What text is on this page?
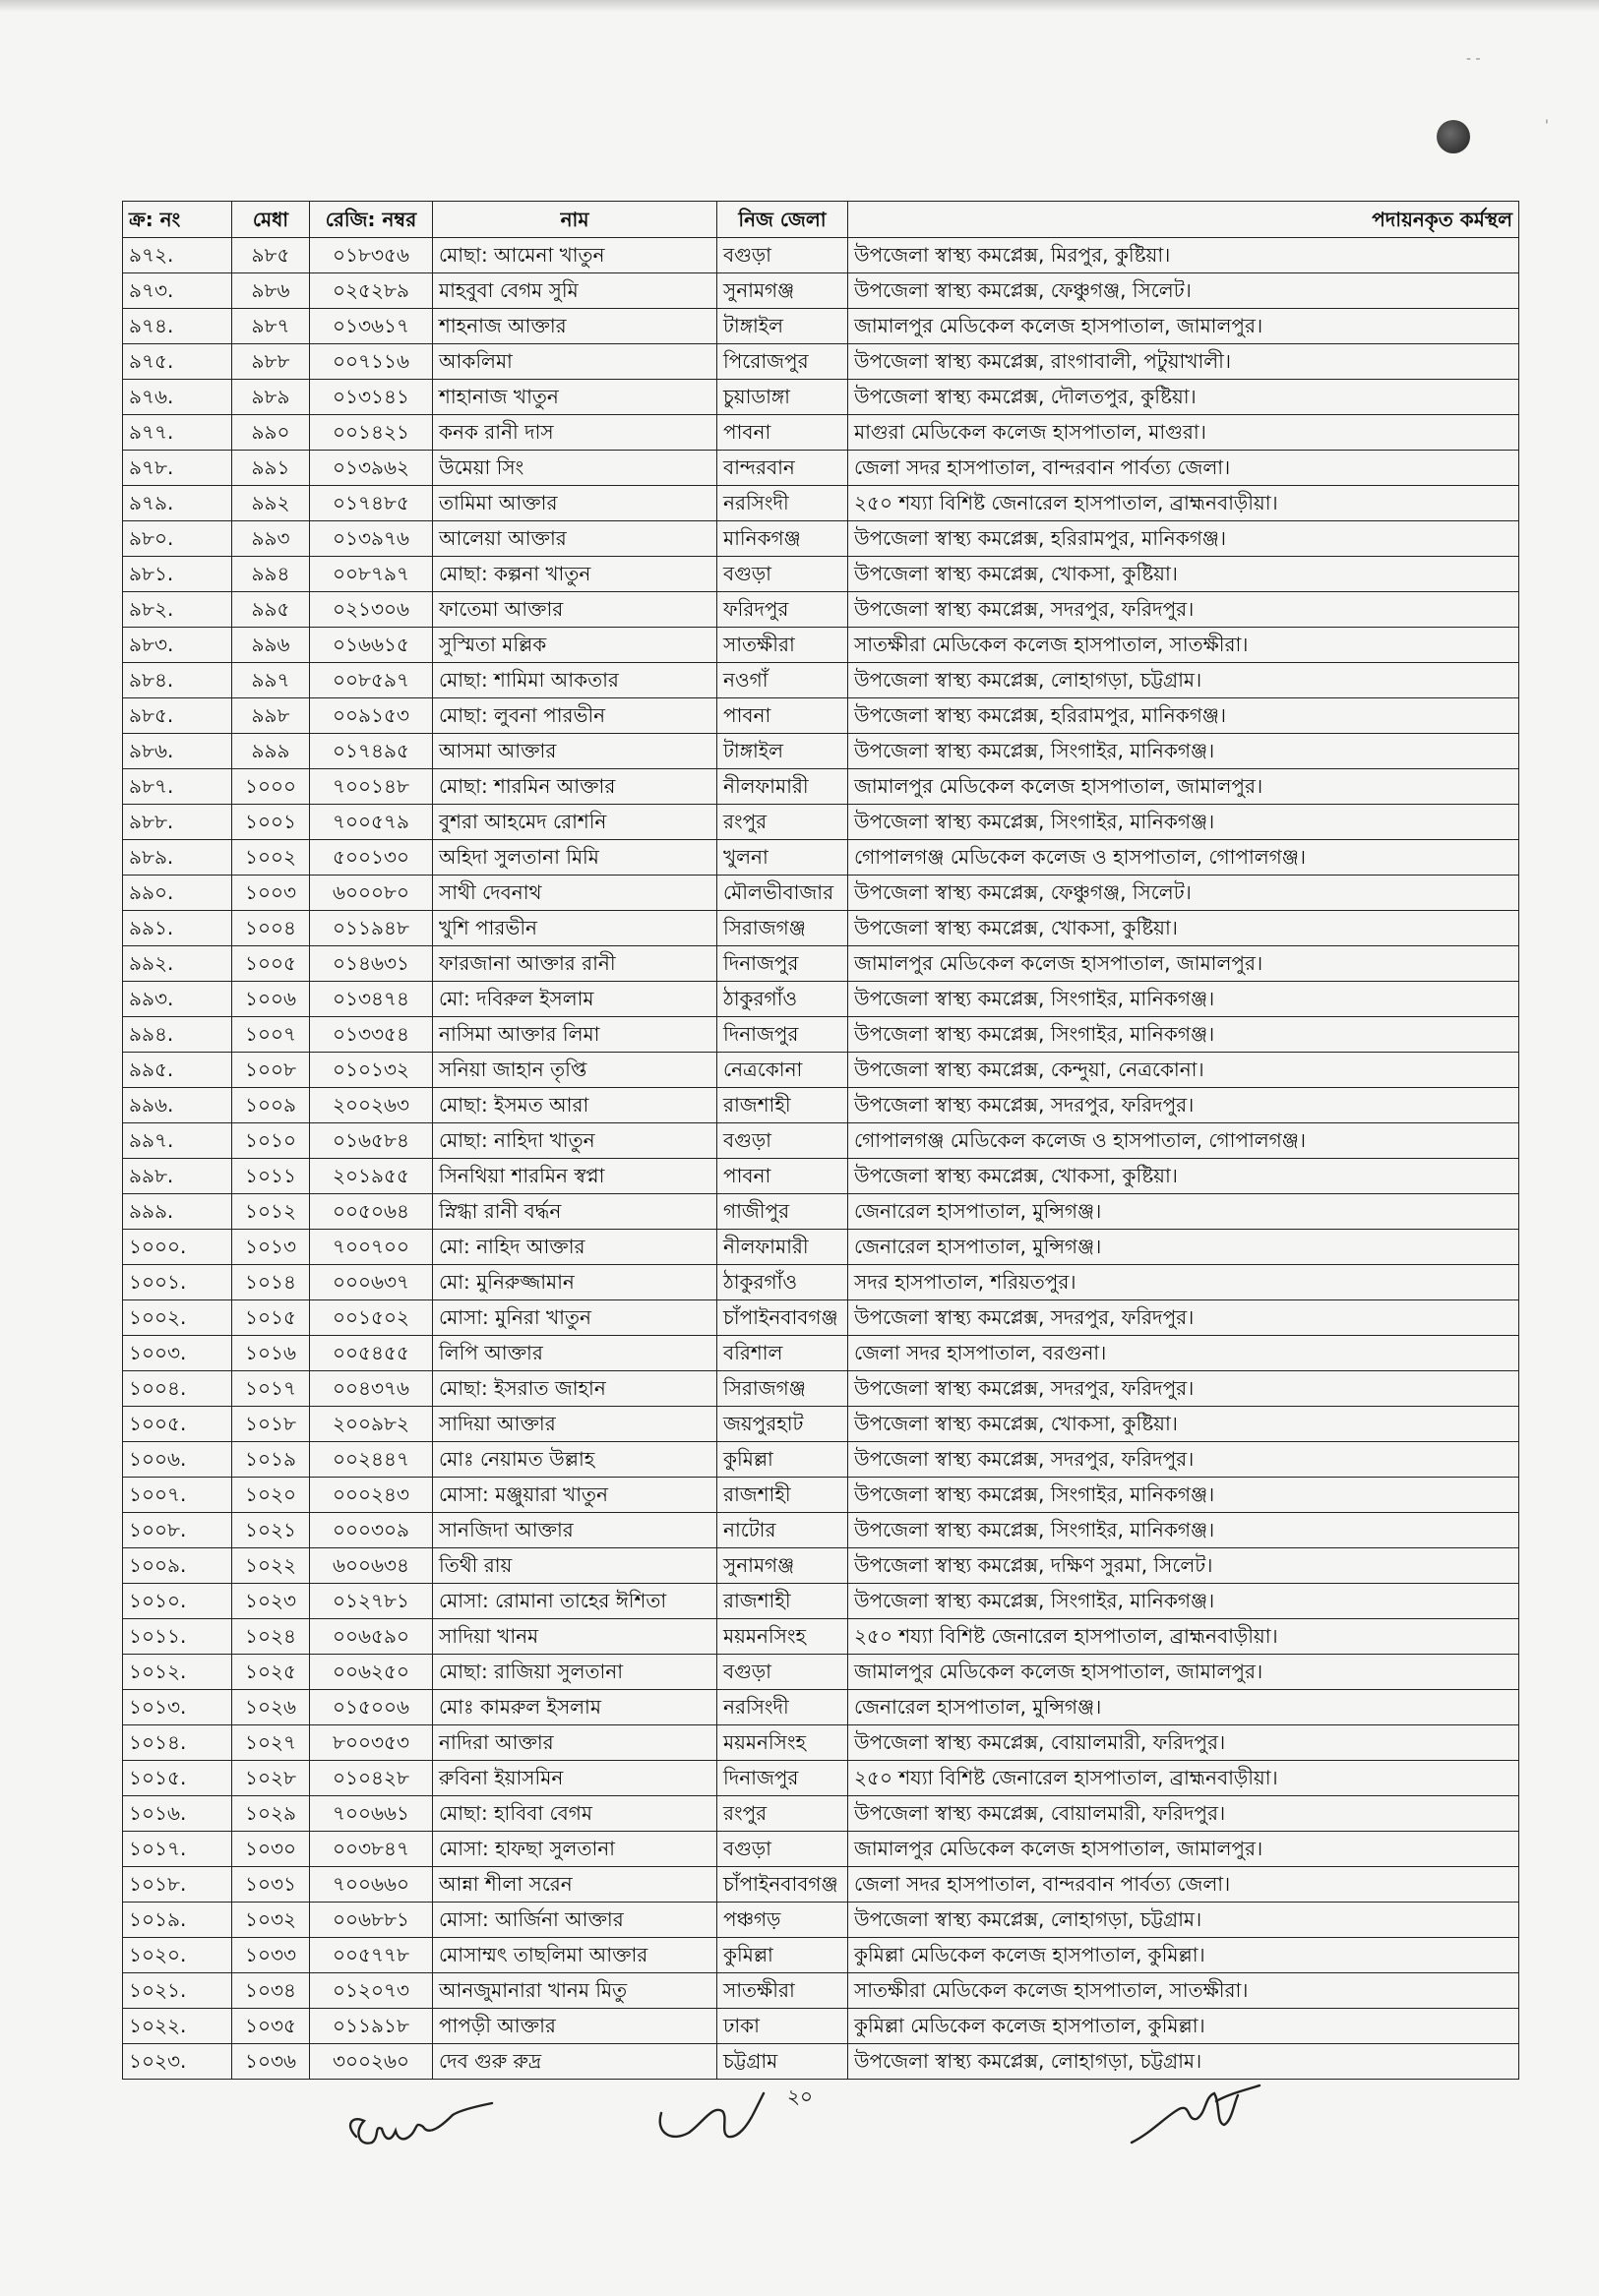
- -
'
ক্র: নং	মেধা	রেজি: নম্বর	নাম	নিজ জেলা	পদায়নকৃত কর্মস্থল
৯৭২.	৯৮৫	০১৮৩৫৬	মোছা: আমেনা খাতুন	বগুড়া	উপজেলা স্বাস্থ্য কমপ্লেক্স, মিরপুর, কুষ্টিয়া।
৯৭৩.	৯৮৬	০২৫২৮৯	মাহবুবা বেগম সুমি	সুনামগঞ্জ	উপজেলা স্বাস্থ্য কমপ্লেক্স, ফেঞ্চুগঞ্জ, সিলেট।
৯৭৪.	৯৮৭	০১৩৬১৭	শাহনাজ আক্তার	টাঙ্গাইল	জামালপুর মেডিকেল কলেজ হাসপাতাল, জামালপুর।
৯৭৫.	৯৮৮	০০৭১১৬	আকলিমা	পিরোজপুর	উপজেলা স্বাস্থ্য কমপ্লেক্স, রাংগাবালী, পটুয়াখালী।
৯৭৬.	৯৮৯	০১৩১৪১	শাহানাজ খাতুন	চুয়াডাঙ্গা	উপজেলা স্বাস্থ্য কমপ্লেক্স, দৌলতপুর, কুষ্টিয়া।
৯৭৭.	৯৯০	০০১৪২১	কনক রানী দাস	পাবনা	মাগুরা মেডিকেল কলেজ হাসপাতাল, মাগুরা।
৯৭৮.	৯৯১	০১৩৯৬২	উমেয়া সিং	বান্দরবান	জেলা সদর হাসপাতাল, বান্দরবান পার্বত্য জেলা।
৯৭৯.	৯৯২	০১৭৪৮৫	তামিমা আক্তার	নরসিংদী	২৫০ শয্যা বিশিষ্ট জেনারেল হাসপাতাল, ব্রাহ্মনবাড়ীয়া।
৯৮০.	৯৯৩	০১৩৯৭৬	আলেয়া আক্তার	মানিকগঞ্জ	উপজেলা স্বাস্থ্য কমপ্লেক্স, হরিরামপুর, মানিকগঞ্জ।
৯৮১.	৯৯৪	০০৮৭৯৭	মোছা: কল্পনা খাতুন	বগুড়া	উপজেলা স্বাস্থ্য কমপ্লেক্স, খোকসা, কুষ্টিয়া।
৯৮২.	৯৯৫	০২১৩০৬	ফাতেমা আক্তার	ফরিদপুর	উপজেলা স্বাস্থ্য কমপ্লেক্স, সদরপুর, ফরিদপুর।
৯৮৩.	৯৯৬	০১৬৬১৫	সুস্মিতা মল্লিক	সাতক্ষীরা	সাতক্ষীরা মেডিকেল কলেজ হাসপাতাল, সাতক্ষীরা।
৯৮৪.	৯৯৭	০০৮৫৯৭	মোছা: শামিমা আকতার	নওগাঁ	উপজেলা স্বাস্থ্য কমপ্লেক্স, লোহাগড়া, চট্টগ্রাম।
৯৮৫.	৯৯৮	০০৯১৫৩	মোছা: লুবনা পারভীন	পাবনা	উপজেলা স্বাস্থ্য কমপ্লেক্স, হরিরামপুর, মানিকগঞ্জ।
৯৮৬.	৯৯৯	০১৭৪৯৫	আসমা আক্তার	টাঙ্গাইল	উপজেলা স্বাস্থ্য কমপ্লেক্স, সিংগাইর, মানিকগঞ্জ।
৯৮৭.	১০০০	৭০০১৪৮	মোছা: শারমিন আক্তার	নীলফামারী	জামালপুর মেডিকেল কলেজ হাসপাতাল, জামালপুর।
৯৮৮.	১০০১	৭০০৫৭৯	বুশরা আহমেদ রোশনি	রংপুর	উপজেলা স্বাস্থ্য কমপ্লেক্স, সিংগাইর, মানিকগঞ্জ।
৯৮৯.	১০০২	৫০০১৩০	অহিদা সুলতানা মিমি	খুলনা	গোপালগঞ্জ মেডিকেল কলেজ ও হাসপাতাল, গোপালগঞ্জ।
৯৯০.	১০০৩	৬০০০৮০	সাথী দেবনাথ	মৌলভীবাজার	উপজেলা স্বাস্থ্য কমপ্লেক্স, ফেঞ্চুগঞ্জ, সিলেট।
৯৯১.	১০০৪	০১১৯৪৮	খুশি পারভীন	সিরাজগঞ্জ	উপজেলা স্বাস্থ্য কমপ্লেক্স, খোকসা, কুষ্টিয়া।
৯৯২.	১০০৫	০১৪৬৩১	ফারজানা আক্তার রানী	দিনাজপুর	জামালপুর মেডিকেল কলেজ হাসপাতাল, জামালপুর।
৯৯৩.	১০০৬	০১৩৪৭৪	মো: দবিরুল ইসলাম	ঠাকুরগাঁও	উপজেলা স্বাস্থ্য কমপ্লেক্স, সিংগাইর, মানিকগঞ্জ।
৯৯৪.	১০০৭	০১৩৩৫৪	নাসিমা আক্তার লিমা	দিনাজপুর	উপজেলা স্বাস্থ্য কমপ্লেক্স, সিংগাইর, মানিকগঞ্জ।
৯৯৫.	১০০৮	০১০১৩২	সনিয়া জাহান তৃপ্তি	নেত্রকোনা	উপজেলা স্বাস্থ্য কমপ্লেক্স, কেন্দুয়া, নেত্রকোনা।
৯৯৬.	১০০৯	২০০২৬৩	মোছা: ইসমত আরা	রাজশাহী	উপজেলা স্বাস্থ্য কমপ্লেক্স, সদরপুর, ফরিদপুর।
৯৯৭.	১০১০	০১৬৫৮৪	মোছা: নাহিদা খাতুন	বগুড়া	গোপালগঞ্জ মেডিকেল কলেজ ও হাসপাতাল, গোপালগঞ্জ।
৯৯৮.	১০১১	২০১৯৫৫	সিনথিয়া শারমিন স্বপ্না	পাবনা	উপজেলা স্বাস্থ্য কমপ্লেক্স, খোকসা, কুষ্টিয়া।
৯৯৯.	১০১২	০০৫০৬৪	স্নিগ্ধা রানী বর্দ্ধন	গাজীপুর	জেনারেল হাসপাতাল, মুন্সিগঞ্জ।
১০০০.	১০১৩	৭০০৭০০	মো: নাহিদ আক্তার	নীলফামারী	জেনারেল হাসপাতাল, মুন্সিগঞ্জ।
১০০১.	১০১৪	০০০৬৩৭	মো: মুনিরুজ্জামান	ঠাকুরগাঁও	সদর হাসপাতাল, শরিয়তপুর।
১০০২.	১০১৫	০০১৫০২	মোসা: মুনিরা খাতুন	চাঁপাইনবাবগঞ্জ	উপজেলা স্বাস্থ্য কমপ্লেক্স, সদরপুর, ফরিদপুর।
১০০৩.	১০১৬	০০৫৪৫৫	লিপি আক্তার	বরিশাল	জেলা সদর হাসপাতাল, বরগুনা।
১০০৪.	১০১৭	০০৪৩৭৬	মোছা: ইসরাত জাহান	সিরাজগঞ্জ	উপজেলা স্বাস্থ্য কমপ্লেক্স, সদরপুর, ফরিদপুর।
১০০৫.	১০১৮	২০০৯৮২	সাদিয়া আক্তার	জয়পুরহাট	উপজেলা স্বাস্থ্য কমপ্লেক্স, খোকসা, কুষ্টিয়া।
১০০৬.	১০১৯	০০২৪৪৭	মোঃ নেয়ামত উল্লাহ	কুমিল্লা	উপজেলা স্বাস্থ্য কমপ্লেক্স, সদরপুর, ফরিদপুর।
১০০৭.	১০২০	০০০২৪৩	মোসা: মঞ্জুয়ারা খাতুন	রাজশাহী	উপজেলা স্বাস্থ্য কমপ্লেক্স, সিংগাইর, মানিকগঞ্জ।
১০০৮.	১০২১	০০০৩০৯	সানজিদা আক্তার	নাটোর	উপজেলা স্বাস্থ্য কমপ্লেক্স, সিংগাইর, মানিকগঞ্জ।
১০০৯.	১০২২	৬০০৬৩৪	তিথী রায়	সুনামগঞ্জ	উপজেলা স্বাস্থ্য কমপ্লেক্স, দক্ষিণ সুরমা, সিলেট।
১০১০.	১০২৩	০১২৭৮১	মোসা: রোমানা তাহের ঈশিতা	রাজশাহী	উপজেলা স্বাস্থ্য কমপ্লেক্স, সিংগাইর, মানিকগঞ্জ।
১০১১.	১০২৪	০০৬৫৯০	সাদিয়া খানম	ময়মনসিংহ	২৫০ শয্যা বিশিষ্ট জেনারেল হাসপাতাল, ব্রাহ্মনবাড়ীয়া।
১০১২.	১০২৫	০০৬২৫০	মোছা: রাজিয়া সুলতানা	বগুড়া	জামালপুর মেডিকেল কলেজ হাসপাতাল, জামালপুর।
১০১৩.	১০২৬	০১৫০০৬	মোঃ কামরুল ইসলাম	নরসিংদী	জেনারেল হাসপাতাল, মুন্সিগঞ্জ।
১০১৪.	১০২৭	৮০০৩৫৩	নাদিরা আক্তার	ময়মনসিংহ	উপজেলা স্বাস্থ্য কমপ্লেক্স, বোয়ালমারী, ফরিদপুর।
১০১৫.	১০২৮	০১০৪২৮	রুবিনা ইয়াসমিন	দিনাজপুর	২৫০ শয্যা বিশিষ্ট জেনারেল হাসপাতাল, ব্রাহ্মনবাড়ীয়া।
১০১৬.	১০২৯	৭০০৬৬১	মোছা: হাবিবা বেগম	রংপুর	উপজেলা স্বাস্থ্য কমপ্লেক্স, বোয়ালমারী, ফরিদপুর।
১০১৭.	১০৩০	০০৩৮৪৭	মোসা: হাফছা সুলতানা	বগুড়া	জামালপুর মেডিকেল কলেজ হাসপাতাল, জামালপুর।
১০১৮.	১০৩১	৭০০৬৬০	আন্না শীলা সরেন	চাঁপাইনবাবগঞ্জ	জেলা সদর হাসপাতাল, বান্দরবান পার্বত্য জেলা।
১০১৯.	১০৩২	০০৬৮৮১	মোসা: আর্জিনা আক্তার	পঞ্চগড়	উপজেলা স্বাস্থ্য কমপ্লেক্স, লোহাগড়া, চট্টগ্রাম।
১০২০.	১০৩৩	০০৫৭৭৮	মোসাম্মৎ তাছলিমা আক্তার	কুমিল্লা	কুমিল্লা মেডিকেল কলেজ হাসপাতাল, কুমিল্লা।
১০২১.	১০৩৪	০১২০৭৩	আনজুমানারা খানম মিতু	সাতক্ষীরা	সাতক্ষীরা মেডিকেল কলেজ হাসপাতাল, সাতক্ষীরা।
১০২২.	১০৩৫	০১১৯১৮	পাপড়ী আক্তার	ঢাকা	কুমিল্লা মেডিকেল কলেজ হাসপাতাল, কুমিল্লা।
১০২৩.	১০৩৬	৩০০২৬০	দেব গুরু রুদ্র	চট্টগ্রাম	উপজেলা স্বাস্থ্য কমপ্লেক্স, লোহাগড়া, চট্টগ্রাম।
২০
